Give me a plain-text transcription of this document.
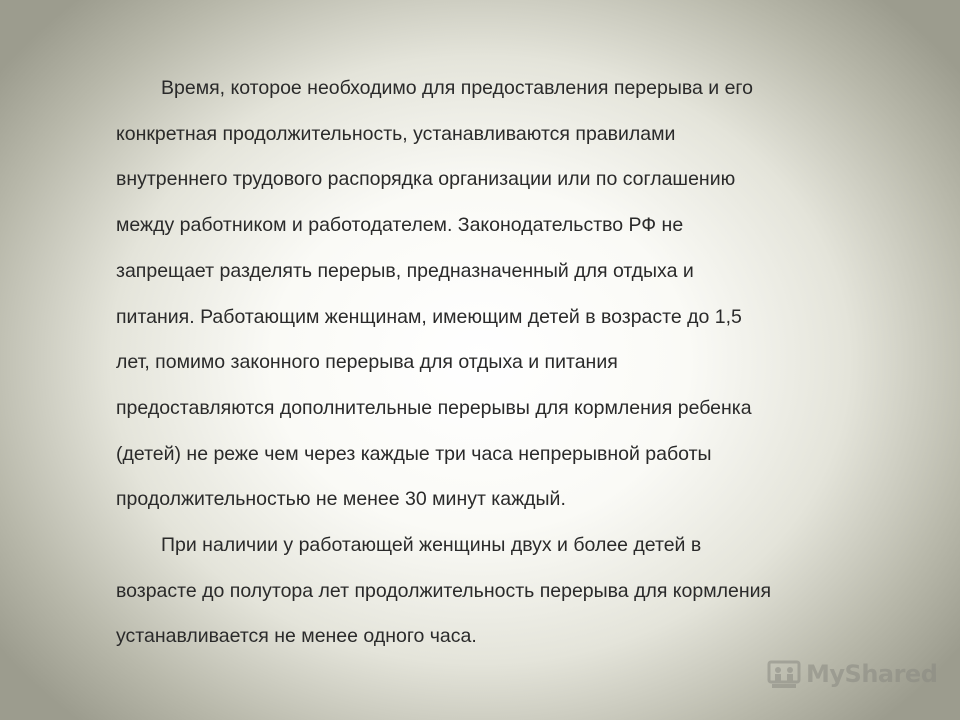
Время, которое необходимо для предоставления перерыва и его
конкретная продолжительность, устанавливаются правилами
внутреннего трудового распорядка организации или по соглашению
между работником и работодателем. Законодательство РФ не
запрещает разделять перерыв, предназначенный для отдыха и
питания. Работающим женщинам, имеющим детей в возрасте до 1,5
лет, помимо законного перерыва для отдыха и питания
предоставляются дополнительные перерывы для кормления ребенка
(детей) не реже чем через каждые три часа непрерывной работы
продолжительностью не менее 30 минут каждый.

При наличии у работающей женщины двух и более детей в
возрасте до полутора лет продолжительность перерыва для кормления
устанавливается не менее одного часа.

MyShared
